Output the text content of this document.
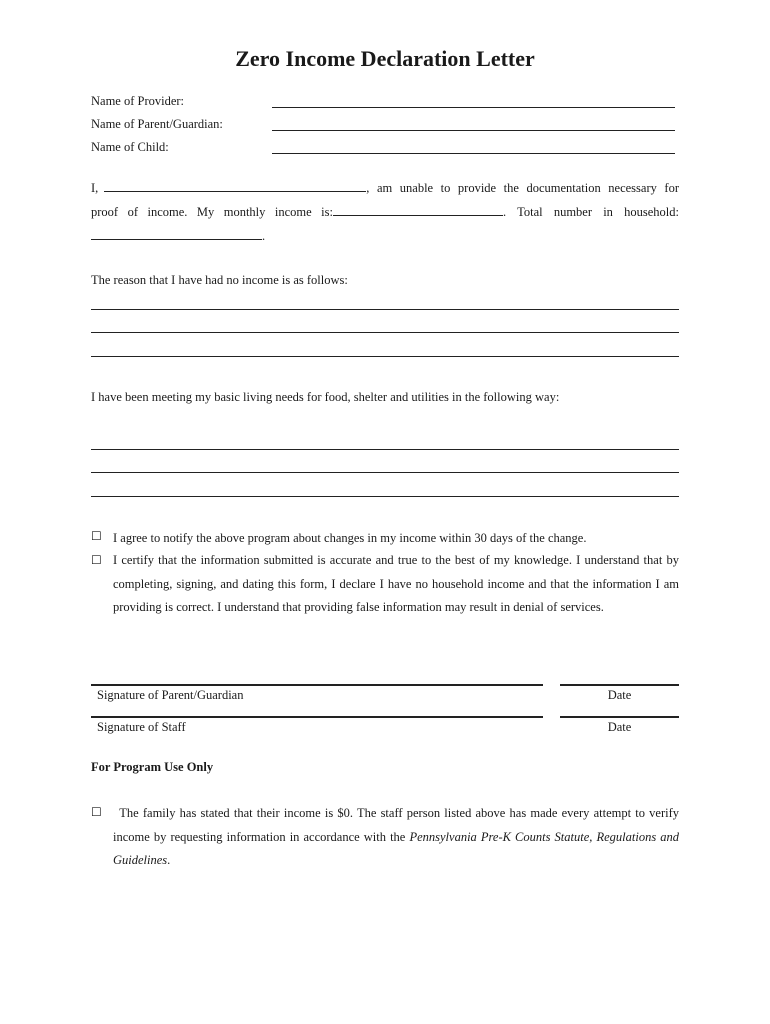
Zero Income Declaration Letter
Name of Provider:
Name of Parent/Guardian:
Name of Child:
I,	, am unable to provide the documentation necessary for
proof of income. My monthly income is:	. Total number in household:
.
The reason that I have had no income is as follows:
I have been meeting my basic living needs for food, shelter and utilities in the following way:
☐ I agree to notify the above program about changes in my income within 30 days of the change.
☐ I certify that the information submitted is accurate and true to the best of my knowledge. I understand that by completing, signing, and dating this form, I declare I have no household income and that the information I am providing is correct. I understand that providing false information may result in denial of services.
Signature of Parent/Guardian	Date
Signature of Staff	Date
For Program Use Only
☐
 	The family has stated that their income is $0. The staff person listed above has made every attempt to verify income by requesting information in accordance with the Pennsylvania Pre-K Counts Statute, Regulations and Guidelines.
